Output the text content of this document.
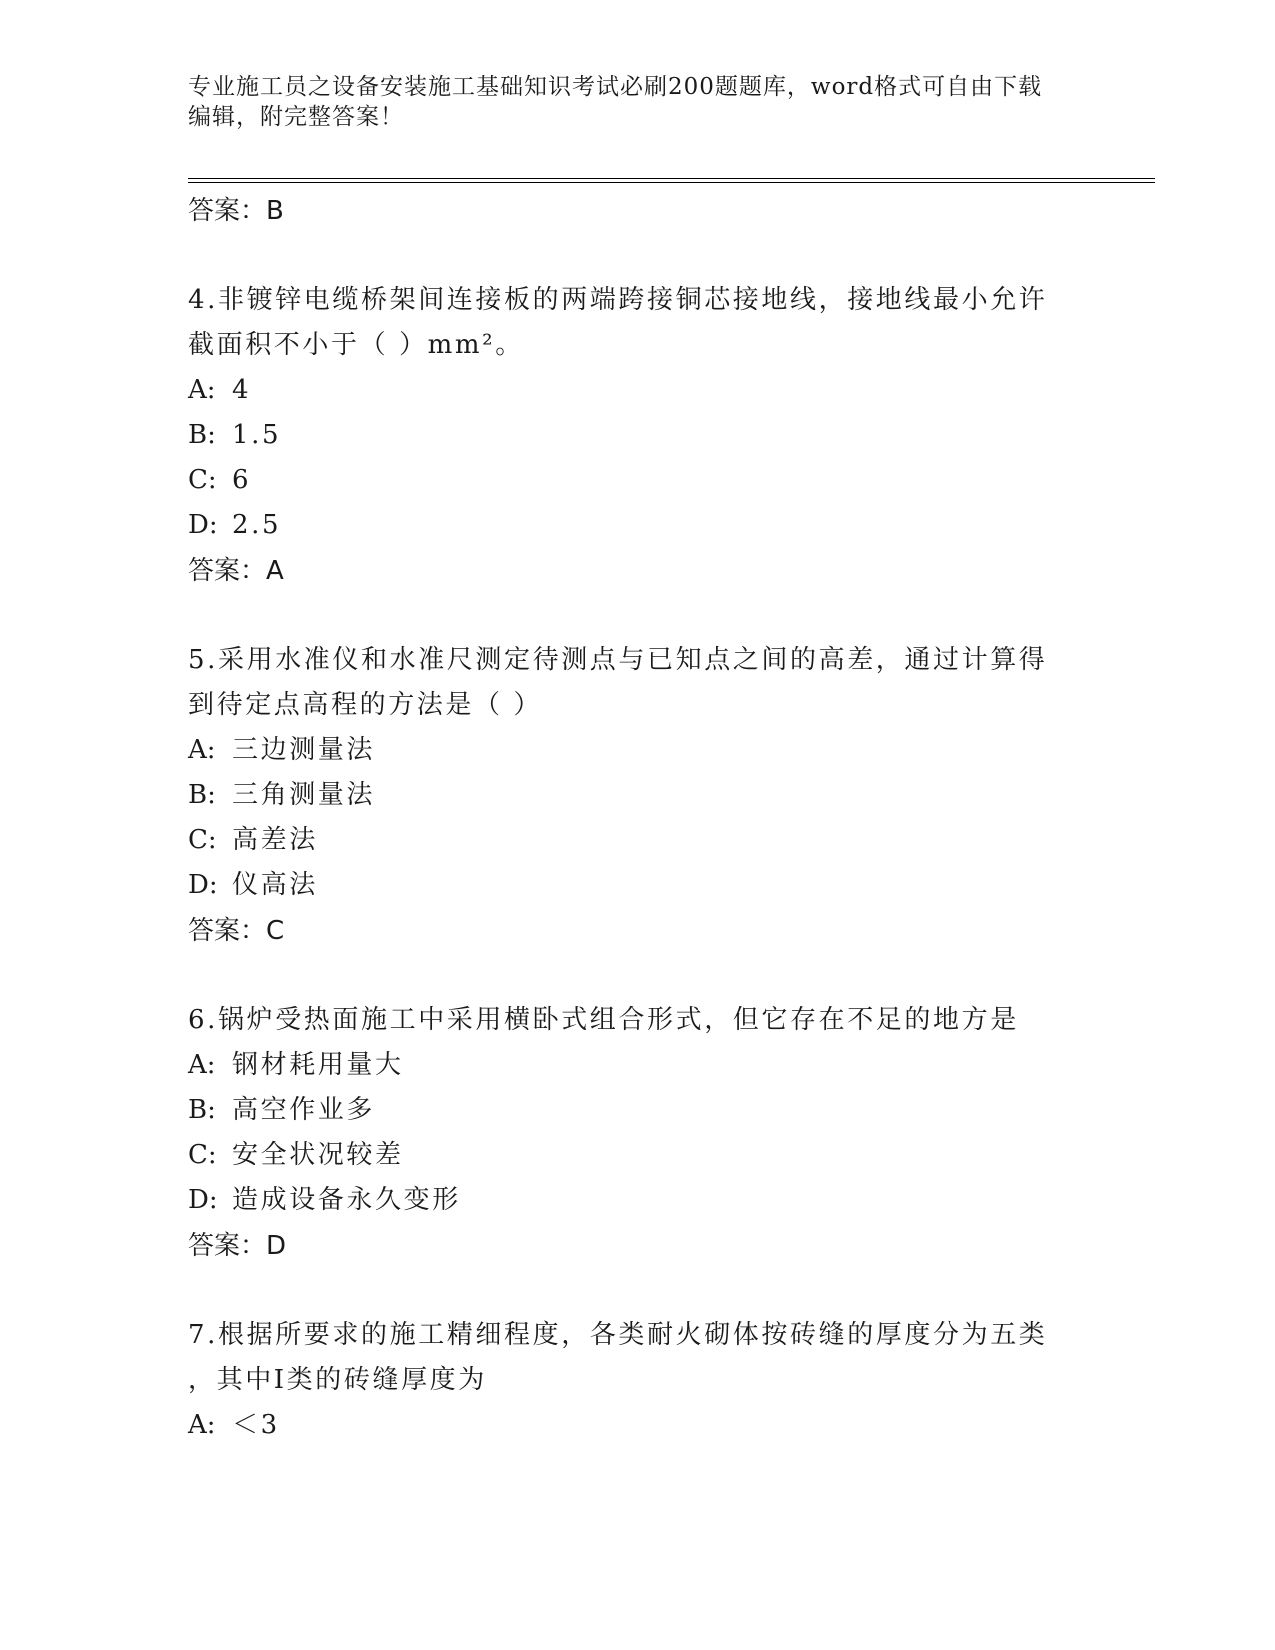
专业施工员之设备安装施工基础知识考试必刷200题题库，word格式可自由下载
编辑，附完整答案！

答案：B

4.非镀锌电缆桥架间连接板的两端跨接铜芯接地线，接地线最小允许
截面积不小于（ ）mm²。

A: 4

B: 1.5

C: 6

D: 2.5

答案：A

5.采用水准仪和水准尺测定待测点与已知点之间的高差，通过计算得
到待定点高程的方法是（ ）

A: 三边测量法

B: 三角测量法

C: 高差法

D: 仪高法

答案：C

6.锅炉受热面施工中采用横卧式组合形式，但它存在不足的地方是

A: 钢材耗用量大

B: 高空作业多

C: 安全状况较差

D: 造成设备永久变形

答案：D

7.根据所要求的施工精细程度，各类耐火砌体按砖缝的厚度分为五类
，其中Ⅰ类的砖缝厚度为

A: ＜3
